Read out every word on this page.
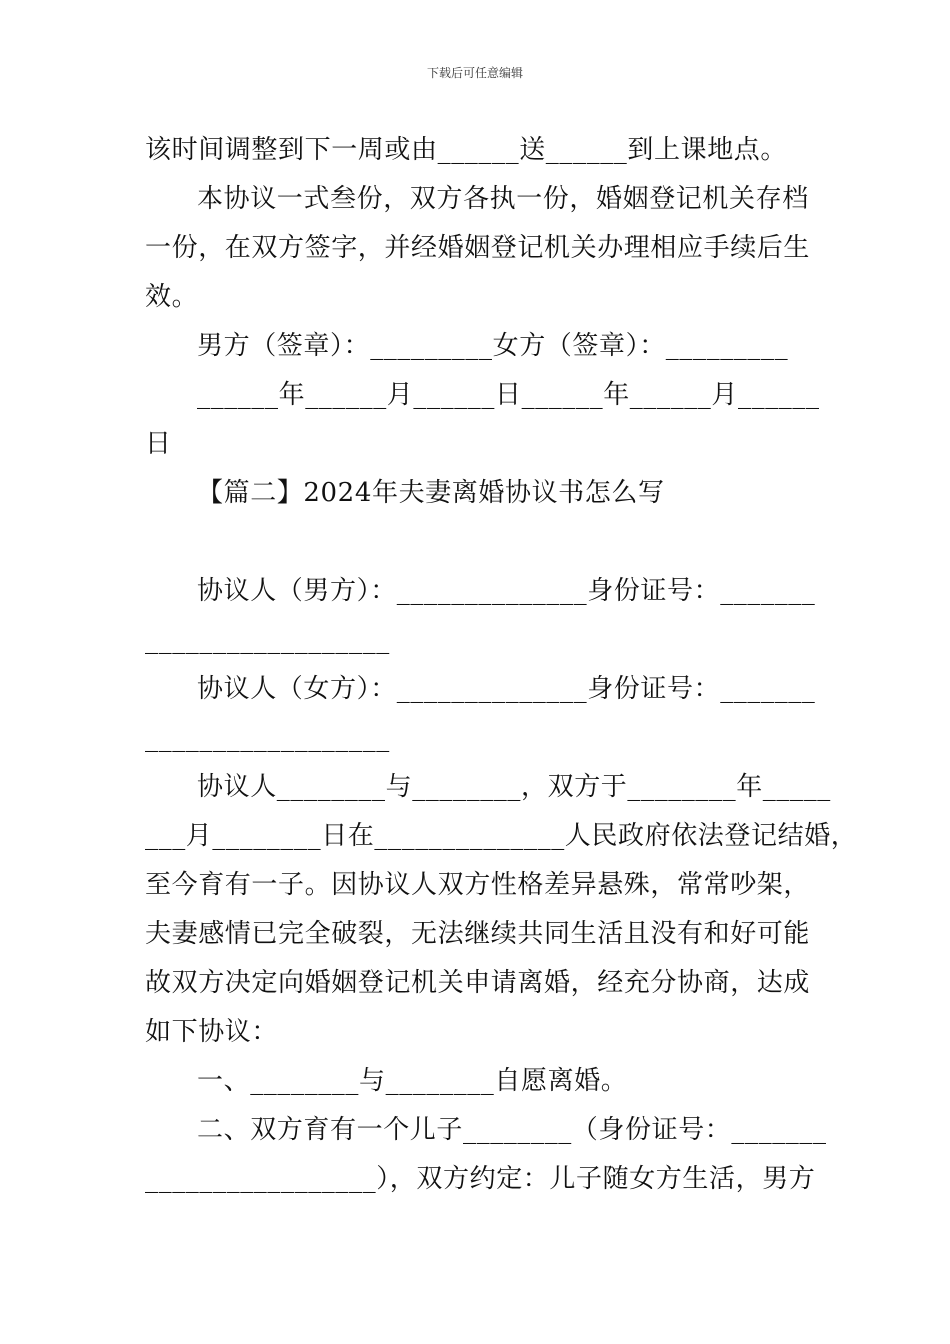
下载后可任意编辑
该时间调整到下一周或由______送______到上课地点。
本协议一式叁份，双方各执一份，婚姻登记机关存档
一份，在双方签字，并经婚姻登记机关办理相应手续后生
效。
男方（签章）：_________女方（签章）：_________
______年______月______日______年______月______
日
【篇二】2024年夫妻离婚协议书怎么写
协议人（男方）：______________身份证号：_______
__________________
协议人（女方）：______________身份证号：_______
__________________
协议人________与________，双方于________年_____
___月________日在______________人民政府依法登记结婚，
至今育有一子。因协议人双方性格差异悬殊，常常吵架，
夫妻感情已完全破裂，无法继续共同生活且没有和好可能
故双方决定向婚姻登记机关申请离婚，经充分协商，达成
如下协议：
一、________与________自愿离婚。
二、双方育有一个儿子________（身份证号：_______
_________________），双方约定：儿子随女方生活，男方
